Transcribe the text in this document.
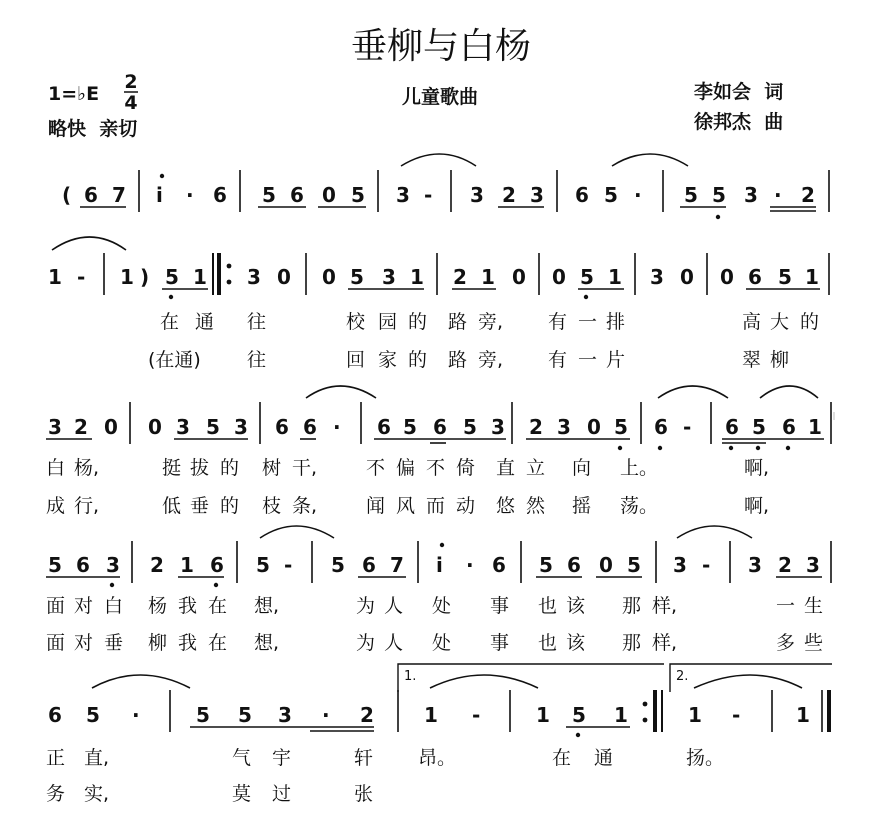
垂柳与白杨
儿童歌曲
1=♭E
2
4
略快  亲切
李如会  词
徐邦杰  曲
( 6 7 i · 6 5 6 0 5 3 - 3 2 3 6 5 · 5 5 3 · 2
1 - 1 ) 5 1 3 0 0 5 3 1 2 1 0 0 5 1 3 0 0 6 5 1
在 通 往	校 园 的 路 旁, 有 一 排	高 大 的
(在通) 往	回 家 的 路 旁, 有 一 片	翠 柳
3 2 0 0 3 5 3 6 6 · 6 5 6 5 3 2 3 0 5 6 - 6 5 6 1
白 杨,	挺 拔 的 树 干,	不 偏 不 倚 直 立 向 上。	啊,
成 行,	低 垂 的 枝 条,	闻 风 而 动 悠 然 摇 荡。	啊,
5 6 3 2 1 6 5 - 5 6 7 i · 6 5 6 0 5 3 - 3 2 3
面 对 白 杨 我 在 想,	为 人 处 事 也 该 那 样,	一 生
面 对 垂 柳 我 在 想,	为 人 处 事 也 该 那 样,	多 些
1.	2.
6 5 ·	5 5 3 · 2	1 -	1 5 1	1 -	1
正 直,	气 宇	轩 昂。	在 通	扬。
务 实,	莫 过	张
